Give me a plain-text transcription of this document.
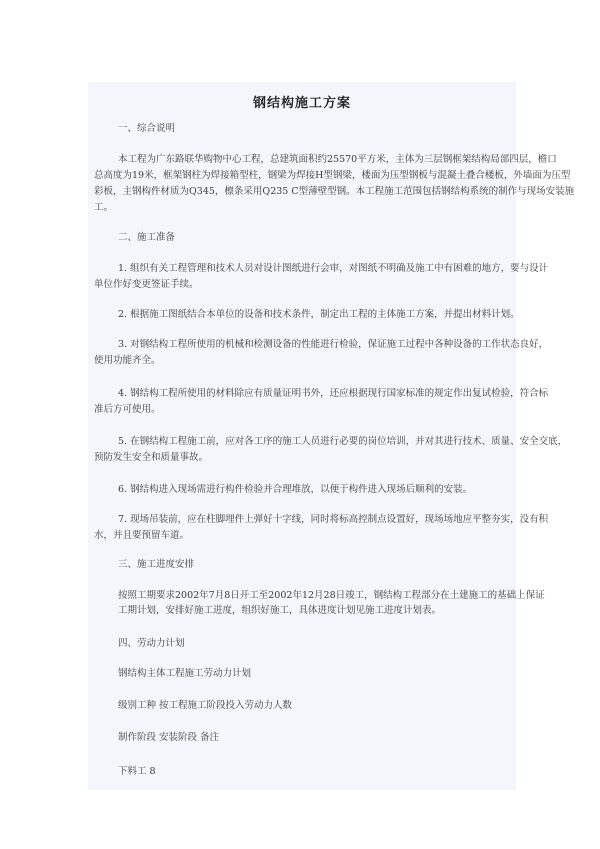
钢结构施工方案
一、综合说明
本工程为广东路联华购物中心工程，总建筑面积约25570平方米，主体为三层钢框架结构局部四层，檐口
总高度为19米，框架钢柱为焊接箱型柱，钢梁为焊接H型钢梁，楼面为压型钢板与混凝土叠合楼板，外墙面为压型
彩板，主钢构件材质为Q345，檩条采用Q235 C型薄壁型钢。本工程施工范围包括钢结构系统的制作与现场安装施
工。
二、施工准备
1. 组织有关工程管理和技术人员对设计图纸进行会审，对图纸不明确及施工中有困难的地方，要与设计
单位作好变更签证手续。
2. 根据施工图纸结合本单位的设备和技术条件，制定出工程的主体施工方案，并提出材料计划。
3. 对钢结构工程所使用的机械和检测设备的性能进行检验，保证施工过程中各种设备的工作状态良好，
使用功能齐全。
4. 钢结构工程所使用的材料除应有质量证明书外，还应根据现行国家标准的规定作出复试检验，符合标
准后方可使用。
5. 在钢结构工程施工前，应对各工序的施工人员进行必要的岗位培训，并对其进行技术、质量、安全交底，
预防发生安全和质量事故。
6. 钢结构进入现场需进行构件检验并合理堆放，以便于构件进入现场后顺利的安装。
7. 现场吊装前，应在柱脚埋件上弹好十字线，同时将标高控制点设置好，现场场地应平整夯实，没有积
水，并且要预留车道。
三、施工进度安排
按照工期要求2002年7月8日开工至2002年12月28日竣工，钢结构工程部分在土建施工的基础上保证
工期计划，安排好施工进度，组织好施工，具体进度计划见施工进度计划表。
四、劳动力计划
钢结构主体工程施工劳动力计划
级别工种 按工程施工阶段投入劳动力人数
制作阶段 安装阶段 备注
下料工 8
